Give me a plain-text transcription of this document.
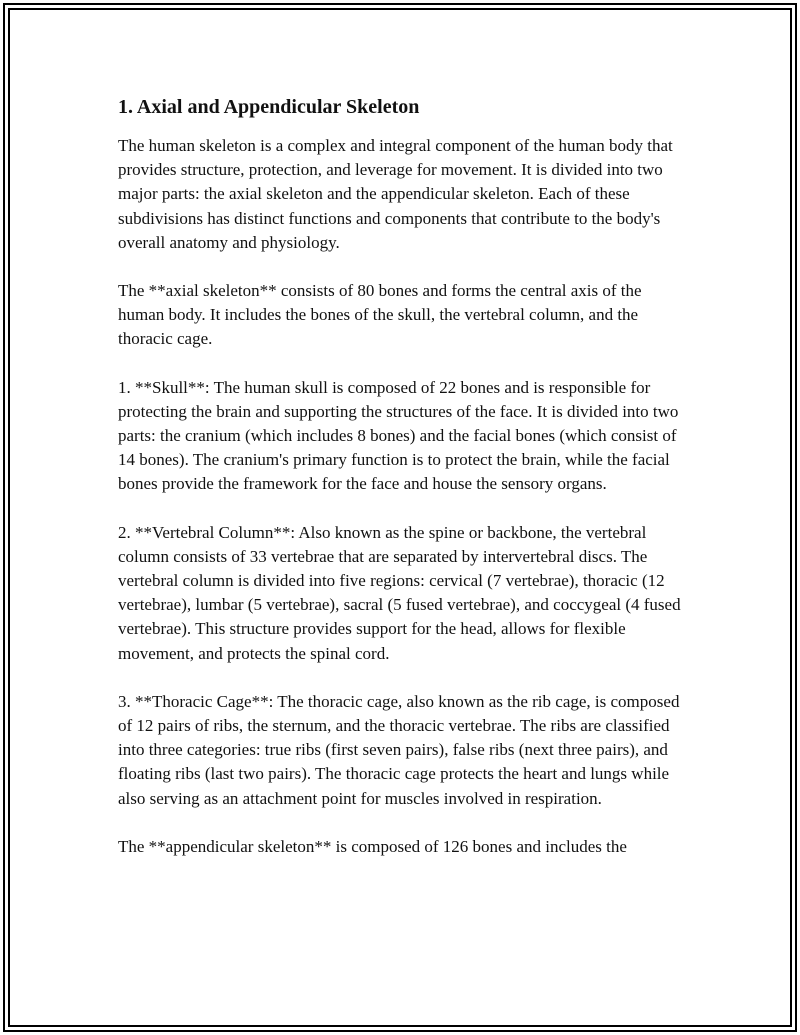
1. Axial and Appendicular Skeleton

The human skeleton is a complex and integral component of the human body that provides structure, protection, and leverage for movement. It is divided into two major parts: the axial skeleton and the appendicular skeleton. Each of these subdivisions has distinct functions and components that contribute to the body's overall anatomy and physiology.

The **axial skeleton** consists of 80 bones and forms the central axis of the human body. It includes the bones of the skull, the vertebral column, and the thoracic cage.

1. **Skull**: The human skull is composed of 22 bones and is responsible for protecting the brain and supporting the structures of the face. It is divided into two parts: the cranium (which includes 8 bones) and the facial bones (which consist of 14 bones). The cranium's primary function is to protect the brain, while the facial bones provide the framework for the face and house the sensory organs.

2. **Vertebral Column**: Also known as the spine or backbone, the vertebral column consists of 33 vertebrae that are separated by intervertebral discs. The vertebral column is divided into five regions: cervical (7 vertebrae), thoracic (12 vertebrae), lumbar (5 vertebrae), sacral (5 fused vertebrae), and coccygeal (4 fused vertebrae). This structure provides support for the head, allows for flexible movement, and protects the spinal cord.

3. **Thoracic Cage**: The thoracic cage, also known as the rib cage, is composed of 12 pairs of ribs, the sternum, and the thoracic vertebrae. The ribs are classified into three categories: true ribs (first seven pairs), false ribs (next three pairs), and floating ribs (last two pairs). The thoracic cage protects the heart and lungs while also serving as an attachment point for muscles involved in respiration.

The **appendicular skeleton** is composed of 126 bones and includes the
